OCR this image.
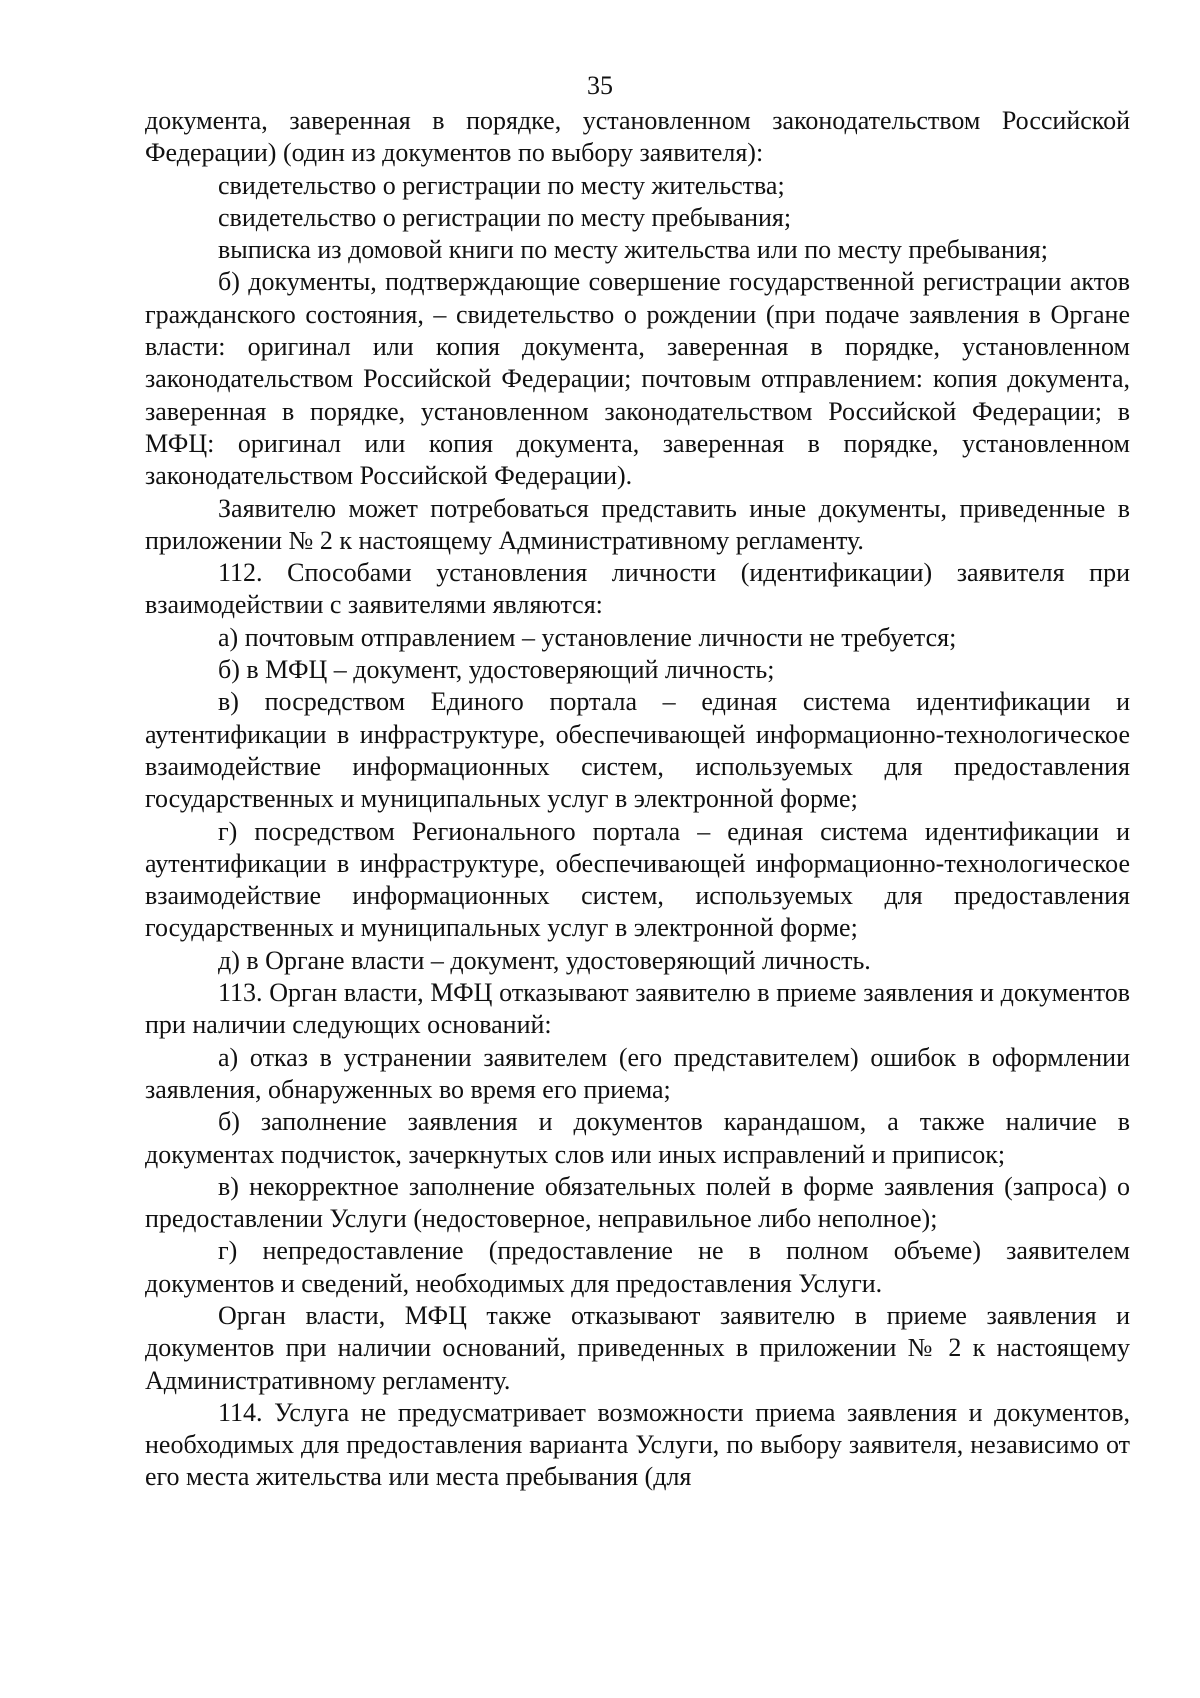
35

документа, заверенная в порядке, установленном законодательством Российской Федерации) (один из документов по выбору заявителя):

свидетельство о регистрации по месту жительства;

свидетельство о регистрации по месту пребывания;

выписка из домовой книги по месту жительства или по месту пребывания;

б) документы, подтверждающие совершение государственной регистрации актов гражданского состояния, – свидетельство о рождении (при подаче заявления в Органе власти: оригинал или копия документа, заверенная в порядке, установленном законодательством Российской Федерации; почтовым отправлением: копия документа, заверенная в порядке, установленном законодательством Российской Федерации; в МФЦ: оригинал или копия документа, заверенная в порядке, установленном законодательством Российской Федерации).

Заявителю может потребоваться представить иные документы, приведенные в приложении № 2 к настоящему Административному регламенту.

112. Способами установления личности (идентификации) заявителя при взаимодействии с заявителями являются:

а) почтовым отправлением – установление личности не требуется;

б) в МФЦ – документ, удостоверяющий личность;

в) посредством Единого портала – единая система идентификации и аутентификации в инфраструктуре, обеспечивающей информационно-технологическое взаимодействие информационных систем, используемых для предоставления государственных и муниципальных услуг в электронной форме;

г) посредством Регионального портала – единая система идентификации и аутентификации в инфраструктуре, обеспечивающей информационно-технологическое взаимодействие информационных систем, используемых для предоставления государственных и муниципальных услуг в электронной форме;

д) в Органе власти – документ, удостоверяющий личность.

113. Орган власти, МФЦ отказывают заявителю в приеме заявления и документов при наличии следующих оснований:

а) отказ в устранении заявителем (его представителем) ошибок в оформлении заявления, обнаруженных во время его приема;

б) заполнение заявления и документов карандашом, а также наличие в документах подчисток, зачеркнутых слов или иных исправлений и приписок;

в) некорректное заполнение обязательных полей в форме заявления (запроса) о предоставлении Услуги (недостоверное, неправильное либо неполное);

г) непредоставление (предоставление не в полном объеме) заявителем документов и сведений, необходимых для предоставления Услуги.

Орган власти, МФЦ также отказывают заявителю в приеме заявления и документов при наличии оснований, приведенных в приложении № 2 к настоящему Административному регламенту.

114. Услуга не предусматривает возможности приема заявления и документов, необходимых для предоставления варианта Услуги, по выбору заявителя, независимо от его места жительства или места пребывания (для
